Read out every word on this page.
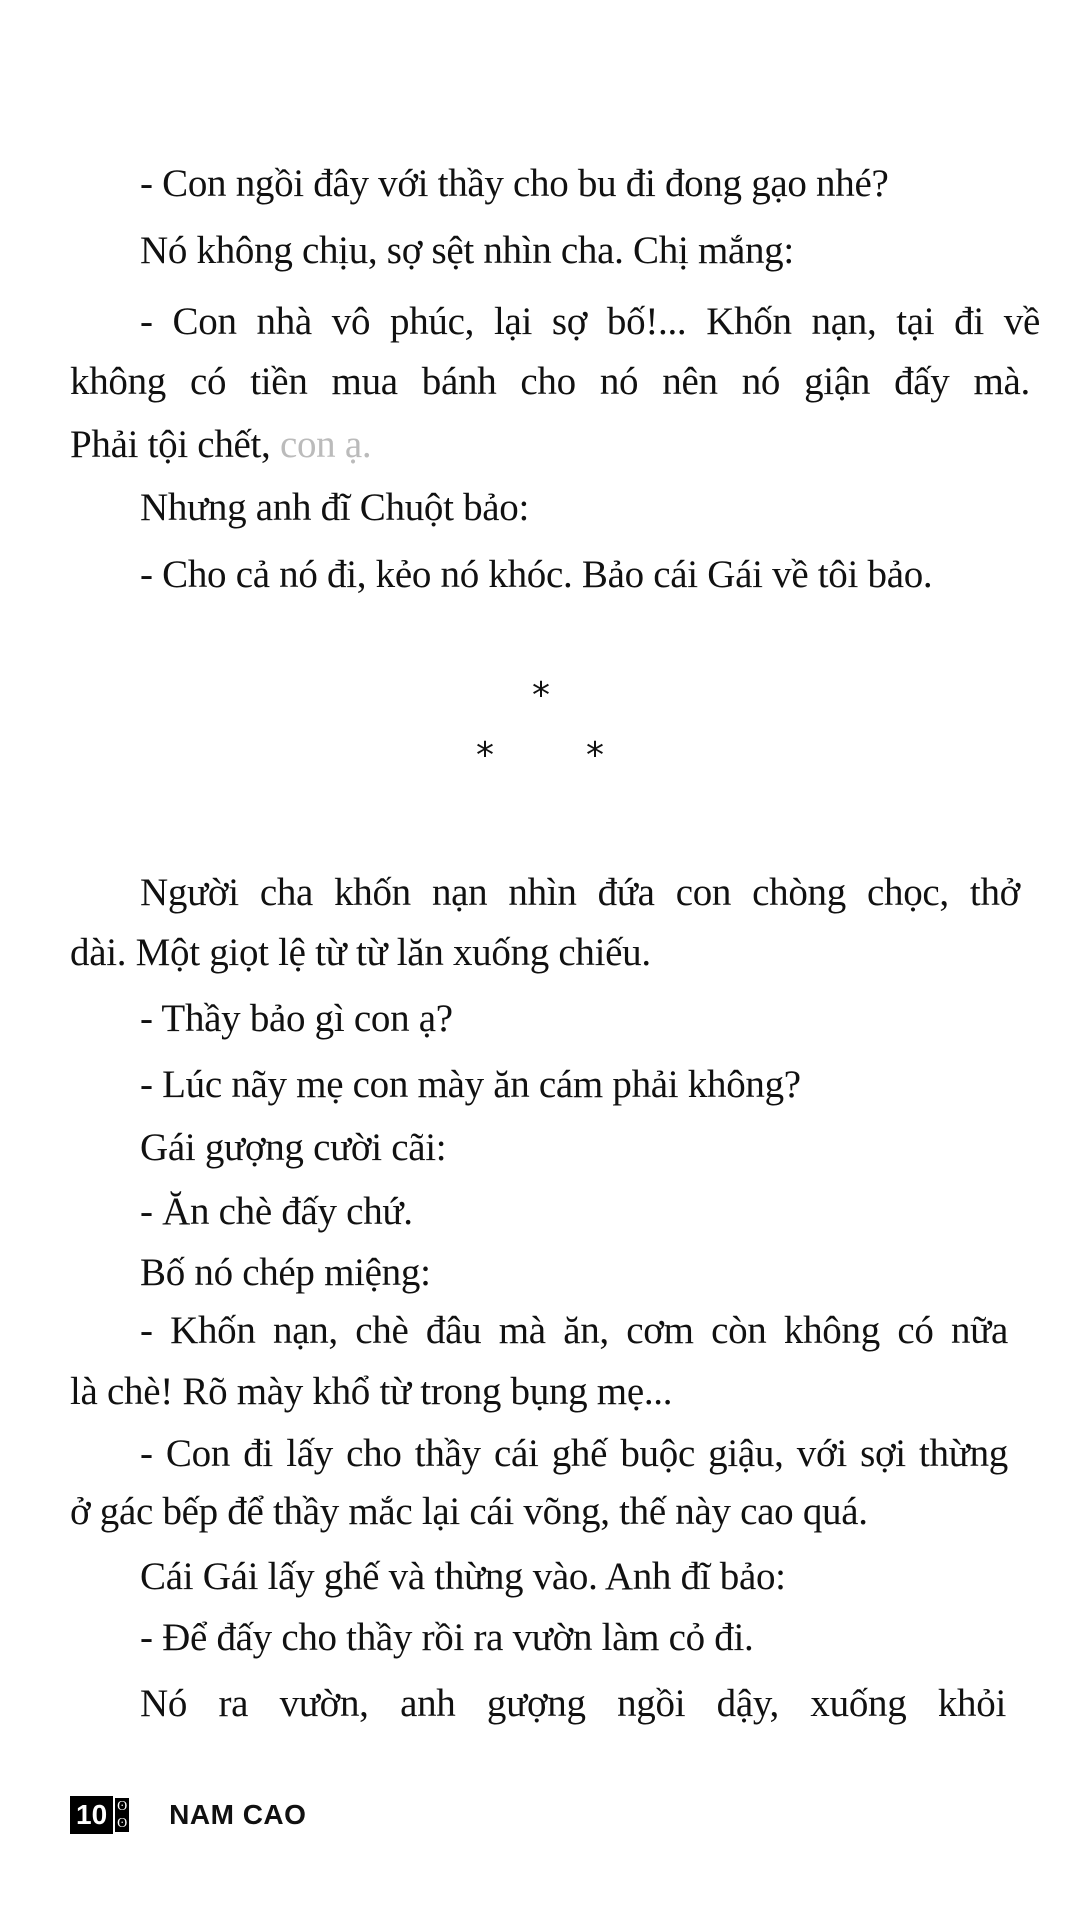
- Con ngồi đây với thầy cho bu đi đong gạo nhé?
Nó không chịu, sợ sệt nhìn cha. Chị mắng:
- Con nhà vô phúc, lại sợ bố!... Khốn nạn, tại đi về
không có tiền mua bánh cho nó nên nó giận đấy mà.
Phải tội chết, con ạ.
Nhưng anh đĩ Chuột bảo:
- Cho cả nó đi, kẻo nó khóc. Bảo cái Gái về tôi bảo.
*
*	*
Người cha khốn nạn nhìn đứa con chòng chọc, thở
dài. Một giọt lệ từ từ lăn xuống chiếu.
- Thầy bảo gì con ạ?
- Lúc nãy mẹ con mày ăn cám phải không?
Gái gượng cười cãi:
- Ăn chè đấy chứ.
Bố nó chép miệng:
- Khốn nạn, chè đâu mà ăn, cơm còn không có nữa
là chè! Rõ mày khổ từ trong bụng mẹ...
- Con đi lấy cho thầy cái ghế buộc giậu, với sợi thừng
ở gác bếp để thầy mắc lại cái võng, thế này cao quá.
Cái Gái lấy ghế và thừng vào. Anh đĩ bảo:
- Để đấy cho thầy rồi ra vườn làm cỏ đi.
Nó ra vườn, anh gượng ngồi dậy, xuống khỏi
10 ʘ
ʘ NAM CAO
